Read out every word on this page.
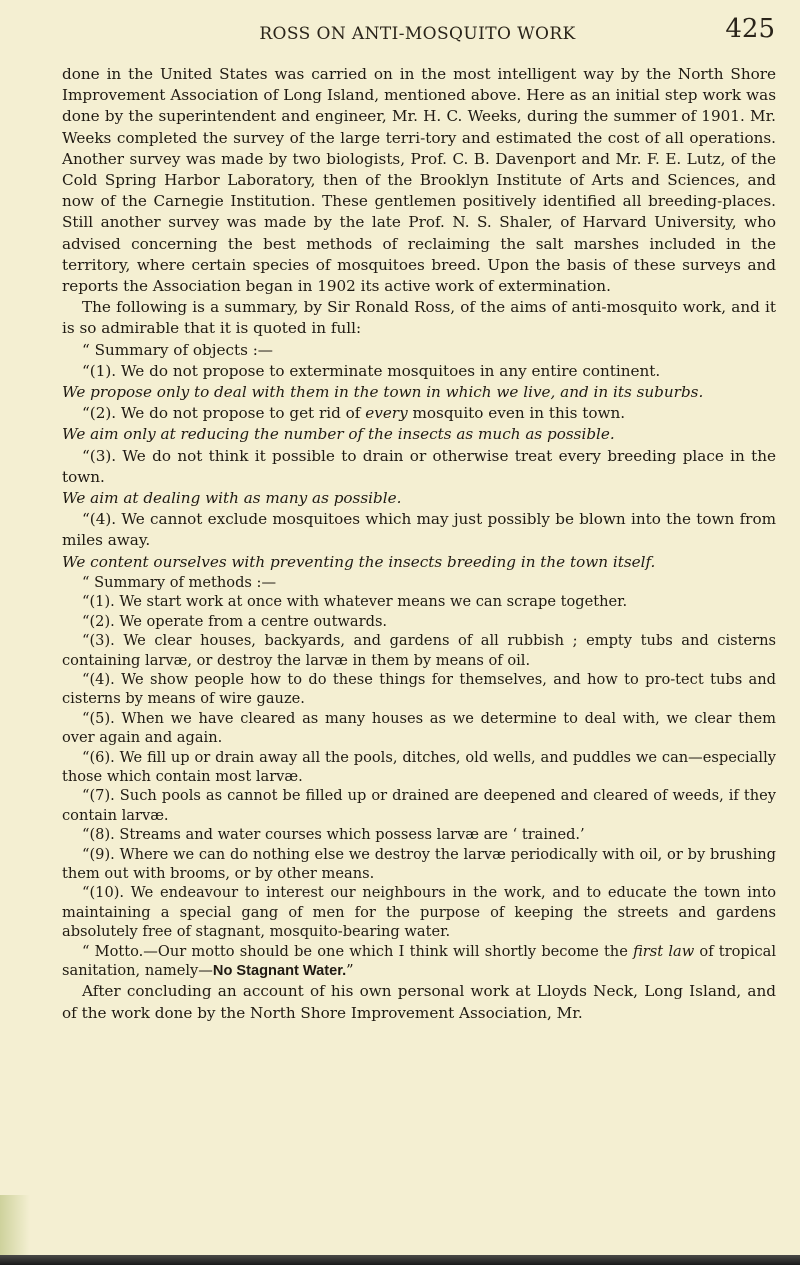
ROSS ON ANTI-MOSQUITO WORK	425

done in the United States was carried on in the most intelligent way by the North Shore Improvement Association of Long Island, mentioned above. Here as an initial step work was done by the superintendent and engineer, Mr. H. C. Weeks, during the summer of 1901. Mr. Weeks completed the survey of the large terri-tory and estimated the cost of all operations. Another survey was made by two biologists, Prof. C. B. Davenport and Mr. F. E. Lutz, of the Cold Spring Harbor Laboratory, then of the Brooklyn Institute of Arts and Sciences, and now of the Carnegie Institution. These gentlemen positively identified all breeding-places. Still another survey was made by the late Prof. N. S. Shaler, of Harvard University, who advised concerning the best methods of reclaiming the salt marshes included in the territory, where certain species of mosquitoes breed. Upon the basis of these surveys and reports the Association began in 1902 its active work of extermination.

The following is a summary, by Sir Ronald Ross, of the aims of anti-mosquito work, and it is so admirable that it is quoted in full:

“ Summary of objects :—

“(1). We do not propose to exterminate mosquitoes in any entire continent.

We propose only to deal with them in the town in which we live, and in its suburbs.

“(2). We do not propose to get rid of every mosquito even in this town.

We aim only at reducing the number of the insects as much as possible.

“(3). We do not think it possible to drain or otherwise treat every breeding place in the town.

We aim at dealing with as many as possible.

“(4). We cannot exclude mosquitoes which may just possibly be blown into the town from miles away.

We content ourselves with preventing the insects breeding in the town itself.

“ Summary of methods :—

“(1). We start work at once with whatever means we can scrape together.

“(2). We operate from a centre outwards.

“(3). We clear houses, backyards, and gardens of all rubbish ; empty tubs and cisterns containing larvæ, or destroy the larvæ in them by means of oil.

“(4). We show people how to do these things for themselves, and how to pro-tect tubs and cisterns by means of wire gauze.

“(5). When we have cleared as many houses as we determine to deal with, we clear them over again and again.

“(6). We fill up or drain away all the pools, ditches, old wells, and puddles we can—especially those which contain most larvæ.

“(7). Such pools as cannot be filled up or drained are deepened and cleared of weeds, if they contain larvæ.

“(8). Streams and water courses which possess larvæ are ‘ trained.’

“(9). Where we can do nothing else we destroy the larvæ periodically with oil, or by brushing them out with brooms, or by other means.

“(10). We endeavour to interest our neighbours in the work, and to educate the town into maintaining a special gang of men for the purpose of keeping the streets and gardens absolutely free of stagnant, mosquito-bearing water.

“ Motto.—Our motto should be one which I think will shortly become the first law of tropical sanitation, namely—No Stagnant Water.”

After concluding an account of his own personal work at Lloyds Neck, Long Island, and of the work done by the North Shore Improvement Association, Mr.
